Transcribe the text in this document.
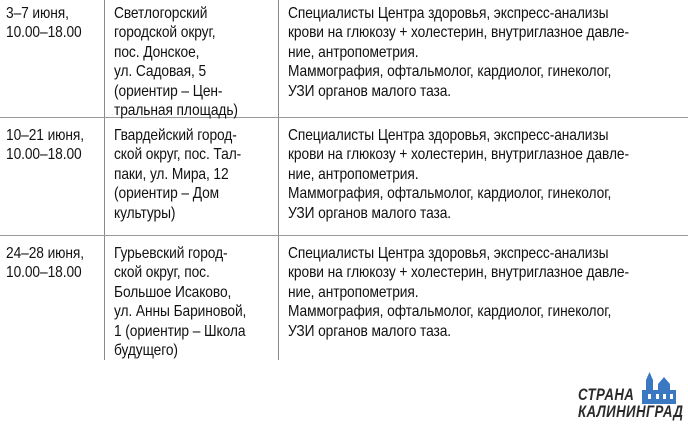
3–7 июня,
10.00–18.00
Светлогорский
городской округ,
пос. Донское,
ул. Садовая, 5
(ориентир – Цен-
тральная площадь)
Специалисты Центра здоровья, экспресс-анализы
крови на глюкозу + холестерин, внутриглазное давле-
ние, антропометрия.
Маммография, офтальмолог, кардиолог, гинеколог,
УЗИ органов малого таза.
10–21 июня,
10.00–18.00
Гвардейский город-
ской округ, пос. Тал-
паки, ул. Мира, 12
(ориентир – Дом
культуры)
Специалисты Центра здоровья, экспресс-анализы
крови на глюкозу + холестерин, внутриглазное давле-
ние, антропометрия.
Маммография, офтальмолог, кардиолог, гинеколог,
УЗИ органов малого таза.
24–28 июня,
10.00–18.00
Гурьевский город-
ской округ, пос.
Большое Исаково,
ул. Анны Бариновой,
1 (ориентир – Школа
будущего)
Специалисты Центра здоровья, экспресс-анализы
крови на глюкозу + холестерин, внутриглазное давле-
ние, антропометрия.
Маммография, офтальмолог, кардиолог, гинеколог,
УЗИ органов малого таза.
СТРАНА
КАЛИНИНГРАД
